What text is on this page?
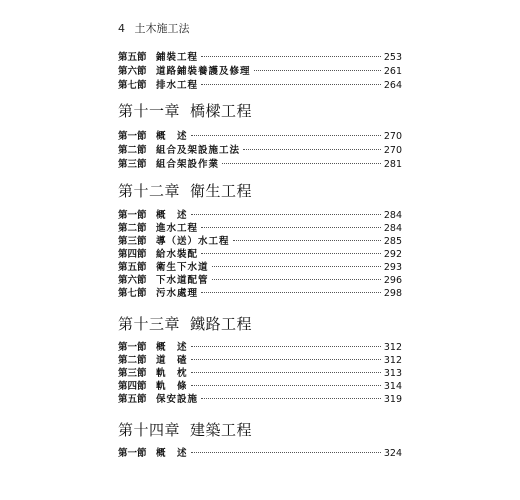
4 土木施工法
第五節 鋪裝工程	253
第六節 道路鋪裝養護及修理	261
第七節 排水工程	264
第十一章 橋樑工程
第一節 概　述	270
第二節 組合及架設施工法	270
第三節 組合架設作業	281
第十二章 衛生工程
第一節 概　述	284
第二節 進水工程	284
第三節 導（送）水工程	285
第四節 給水裝配	292
第五節 衛生下水道	293
第六節 下水道配管	296
第七節 污水處理	298
第十三章 鐵路工程
第一節 概　述	312
第二節 道　碴	312
第三節 軌　枕	313
第四節 軌　條	314
第五節 保安設施	319
第十四章 建築工程
第一節 概　述	324
